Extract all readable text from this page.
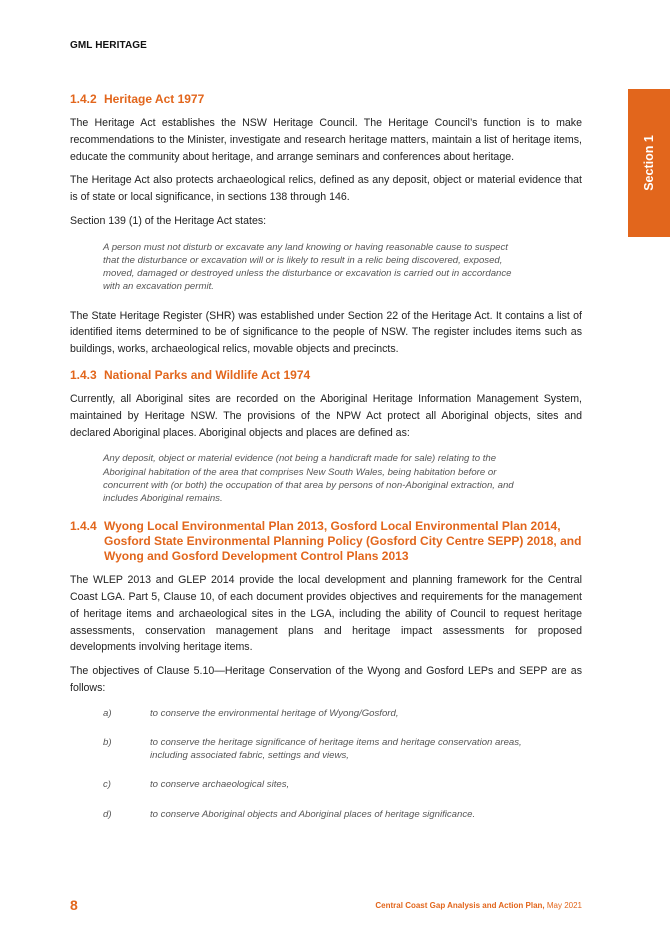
GML HERITAGE
Section 1
1.4.2 Heritage Act 1977

The Heritage Act establishes the NSW Heritage Council. The Heritage Council’s function is to make recommendations to the Minister, investigate and research heritage matters, maintain a list of heritage items, educate the community about heritage, and arrange seminars and conferences about heritage.

The Heritage Act also protects archaeological relics, defined as any deposit, object or material evidence that is of state or local significance, in sections 138 through 146.

Section 139 (1) of the Heritage Act states:

A person must not disturb or excavate any land knowing or having reasonable cause to suspect that the disturbance or excavation will or is likely to result in a relic being discovered, exposed, moved, damaged or destroyed unless the disturbance or excavation is carried out in accordance with an excavation permit.

The State Heritage Register (SHR) was established under Section 22 of the Heritage Act. It contains a list of identified items determined to be of significance to the people of NSW. The register includes items such as buildings, works, archaeological relics, movable objects and precincts.

1.4.3 National Parks and Wildlife Act 1974

Currently, all Aboriginal sites are recorded on the Aboriginal Heritage Information Management System, maintained by Heritage NSW. The provisions of the NPW Act protect all Aboriginal objects, sites and declared Aboriginal places. Aboriginal objects and places are defined as:

Any deposit, object or material evidence (not being a handicraft made for sale) relating to the Aboriginal habitation of the area that comprises New South Wales, being habitation before or concurrent with (or both) the occupation of that area by persons of non-Aboriginal extraction, and includes Aboriginal remains.
1.4.4 Wyong Local Environmental Plan 2013, Gosford Local Environmental Plan 2014, Gosford State Environmental Planning Policy (Gosford City Centre SEPP) 2018, and Wyong and Gosford Development Control Plans 2013

The WLEP 2013 and GLEP 2014 provide the local development and planning framework for the Central Coast LGA. Part 5, Clause 10, of each document provides objectives and requirements for the management of heritage items and archaeological sites in the LGA, including the ability of Council to request heritage assessments, conservation management plans and heritage impact assessments for proposed developments involving heritage items.

The objectives of Clause 5.10—Heritage Conservation of the Wyong and Gosford LEPs and SEPP are as follows:

a)	to conserve the environmental heritage of Wyong/Gosford,
b)	to conserve the heritage significance of heritage items and heritage conservation areas, including associated fabric, settings and views,
c)	to conserve archaeological sites,
d)	to conserve Aboriginal objects and Aboriginal places of heritage significance.
8	Central Coast Gap Analysis and Action Plan, May 2021
